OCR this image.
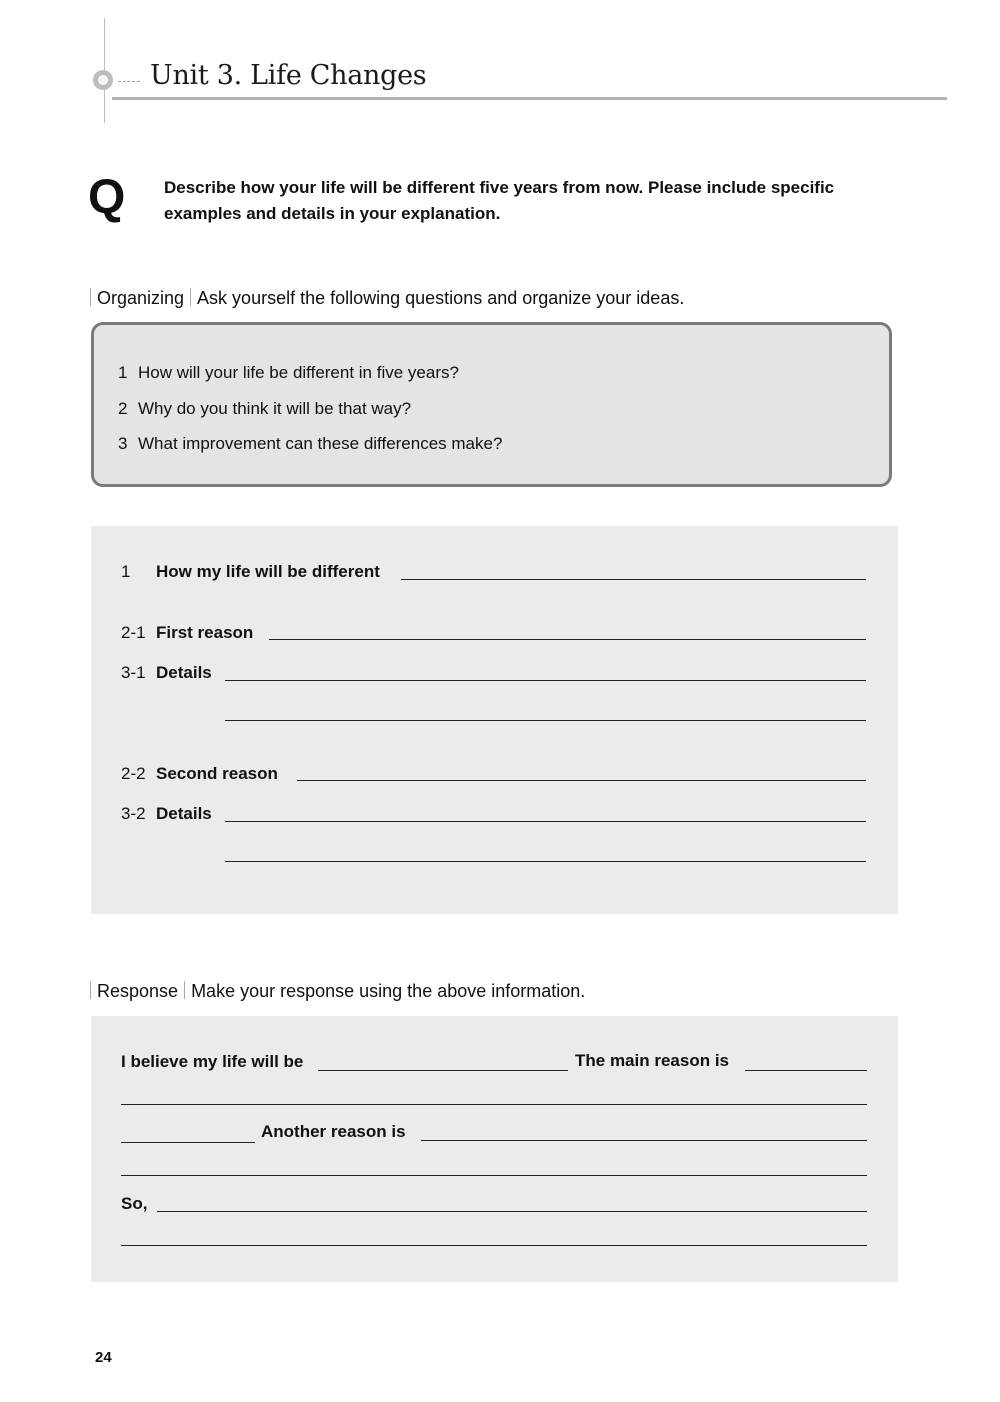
Unit 3. Life Changes
Q Describe how your life will be different five years from now. Please include specific examples and details in your explanation.
Organizing Ask yourself the following questions and organize your ideas.
1 How will your life be different in five years?
2 Why do you think it will be that way?
3 What improvement can these differences make?
1 How my life will be different
2-1 First reason
3-1 Details
2-2 Second reason
3-2 Details
Response Make your response using the above information.
I believe my life will be	The main reason is
Another reason is
So,
24
